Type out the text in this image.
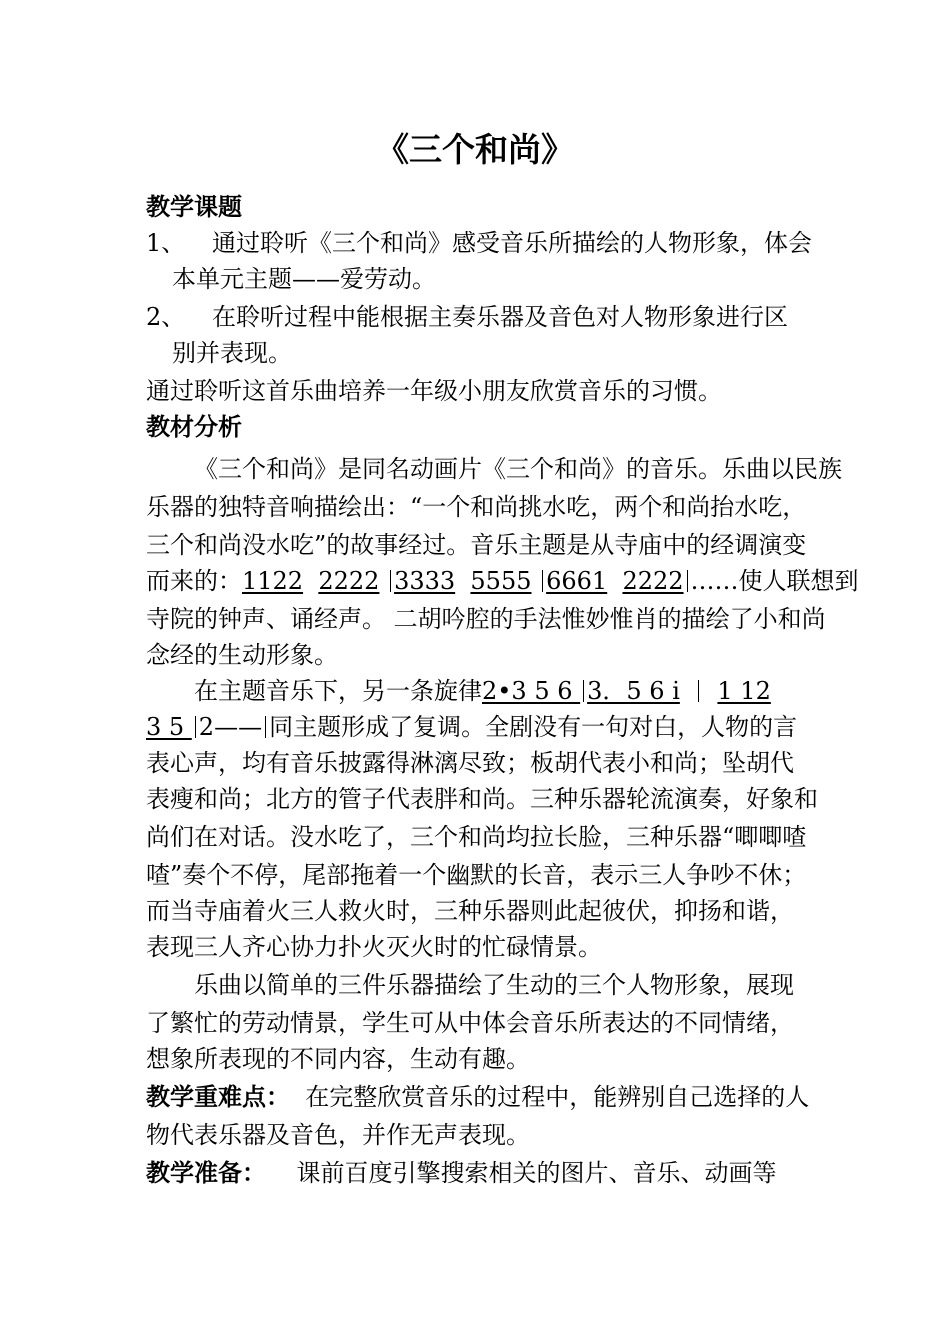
《三个和尚》
教学课题
1、 通过聆听《三个和尚》感受音乐所描绘的人物形象，体会
本单元主题——爱劳动。
2、 在聆听过程中能根据主奏乐器及音色对人物形象进行区
别并表现。
通过聆听这首乐曲培养一年级小朋友欣赏音乐的习惯。
教材分析
《三个和尚》是同名动画片《三个和尚》的音乐。乐曲以民族
乐器的独特音响描绘出：“一个和尚挑水吃，两个和尚抬水吃，
三个和尚没水吃”的故事经过。音乐主题是从寺庙中的经调演变
而来的：1122 2222 3333 5555 6661 2222 ……使人联想到
寺院的钟声、诵经声。 二胡吟腔的手法惟妙惟肖的描绘了小和尚
念经的生动形象。
在主题音乐下，另一条旋律2•3 5 6 3．5 6 i 1 12
3 5 2—— 同主题形成了复调。全剧没有一句对白，人物的言
表心声，均有音乐披露得淋漓尽致；板胡代表小和尚；坠胡代
表瘦和尚；北方的管子代表胖和尚。三种乐器轮流演奏，好象和
尚们在对话。没水吃了，三个和尚均拉长脸，三种乐器“唧唧喳
喳”奏个不停，尾部拖着一个幽默的长音，表示三人争吵不休；
而当寺庙着火三人救火时，三种乐器则此起彼伏，抑扬和谐，
表现三人齐心协力扑火灭火时的忙碌情景。
乐曲以简单的三件乐器描绘了生动的三个人物形象，展现
了繁忙的劳动情景，学生可从中体会音乐所表达的不同情绪，
想象所表现的不同内容，生动有趣。
教学重难点： 在完整欣赏音乐的过程中，能辨别自己选择的人
物代表乐器及音色，并作无声表现。
教学准备： 课前百度引擎搜索相关的图片、音乐、动画等
